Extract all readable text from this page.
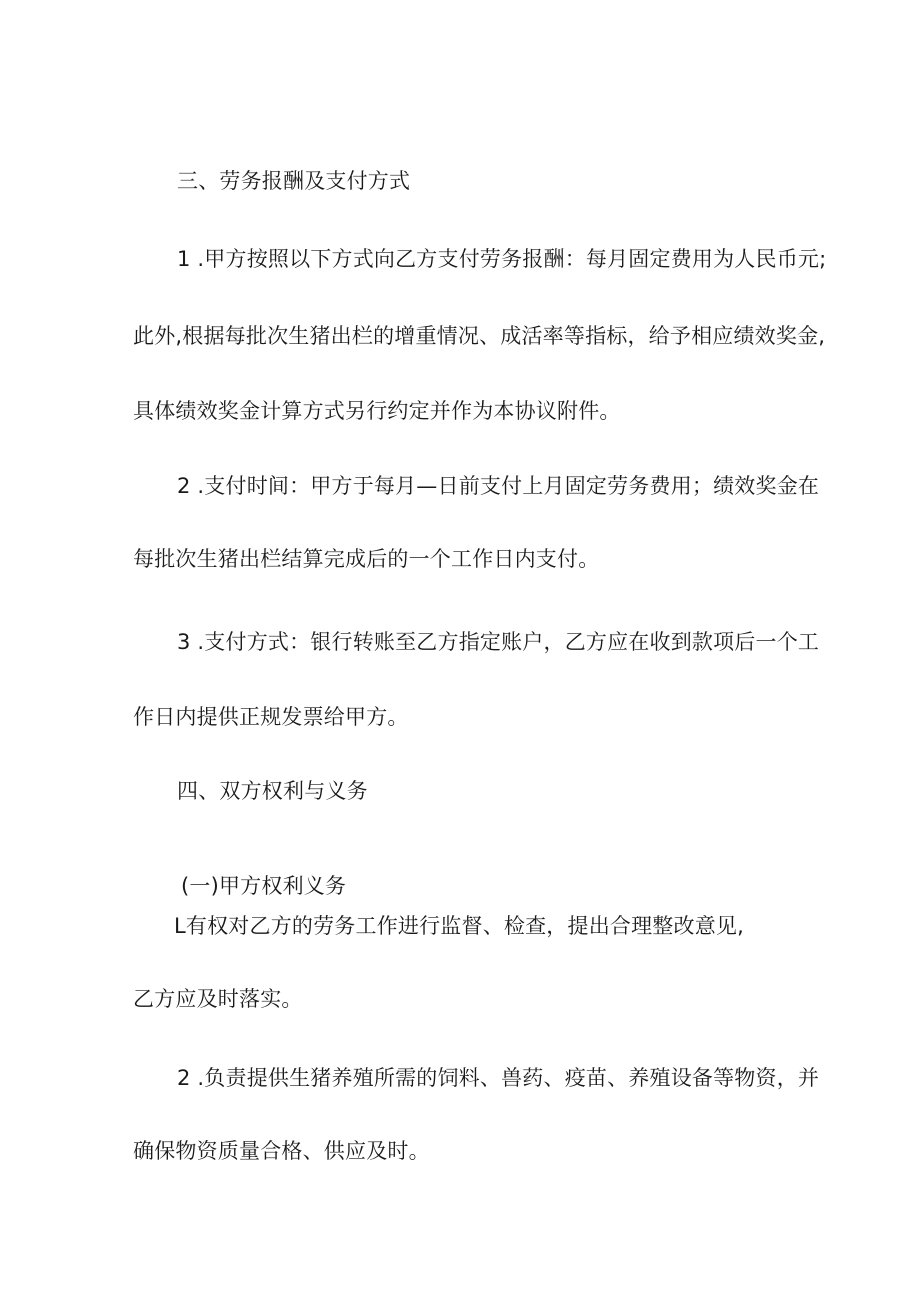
三、劳务报酬及支付方式
1 .甲方按照以下方式向乙方支付劳务报酬：每月固定费用为人民币元;
此外,根据每批次生猪出栏的增重情况、成活率等指标，给予相应绩效奖金,
具体绩效奖金计算方式另行约定并作为本协议附件。
2 .支付时间：甲方于每月—日前支付上月固定劳务费用；绩效奖金在
每批次生猪出栏结算完成后的一个工作日内支付。
3 .支付方式：银行转账至乙方指定账户，乙方应在收到款项后一个工
作日内提供正规发票给甲方。
四、双方权利与义务
(一)甲方权利义务
L有权对乙方的劳务工作进行监督、检查，提出合理整改意见,
乙方应及时落实。
2 .负责提供生猪养殖所需的饲料、兽药、疫苗、养殖设备等物资，并
确保物资质量合格、供应及时。
